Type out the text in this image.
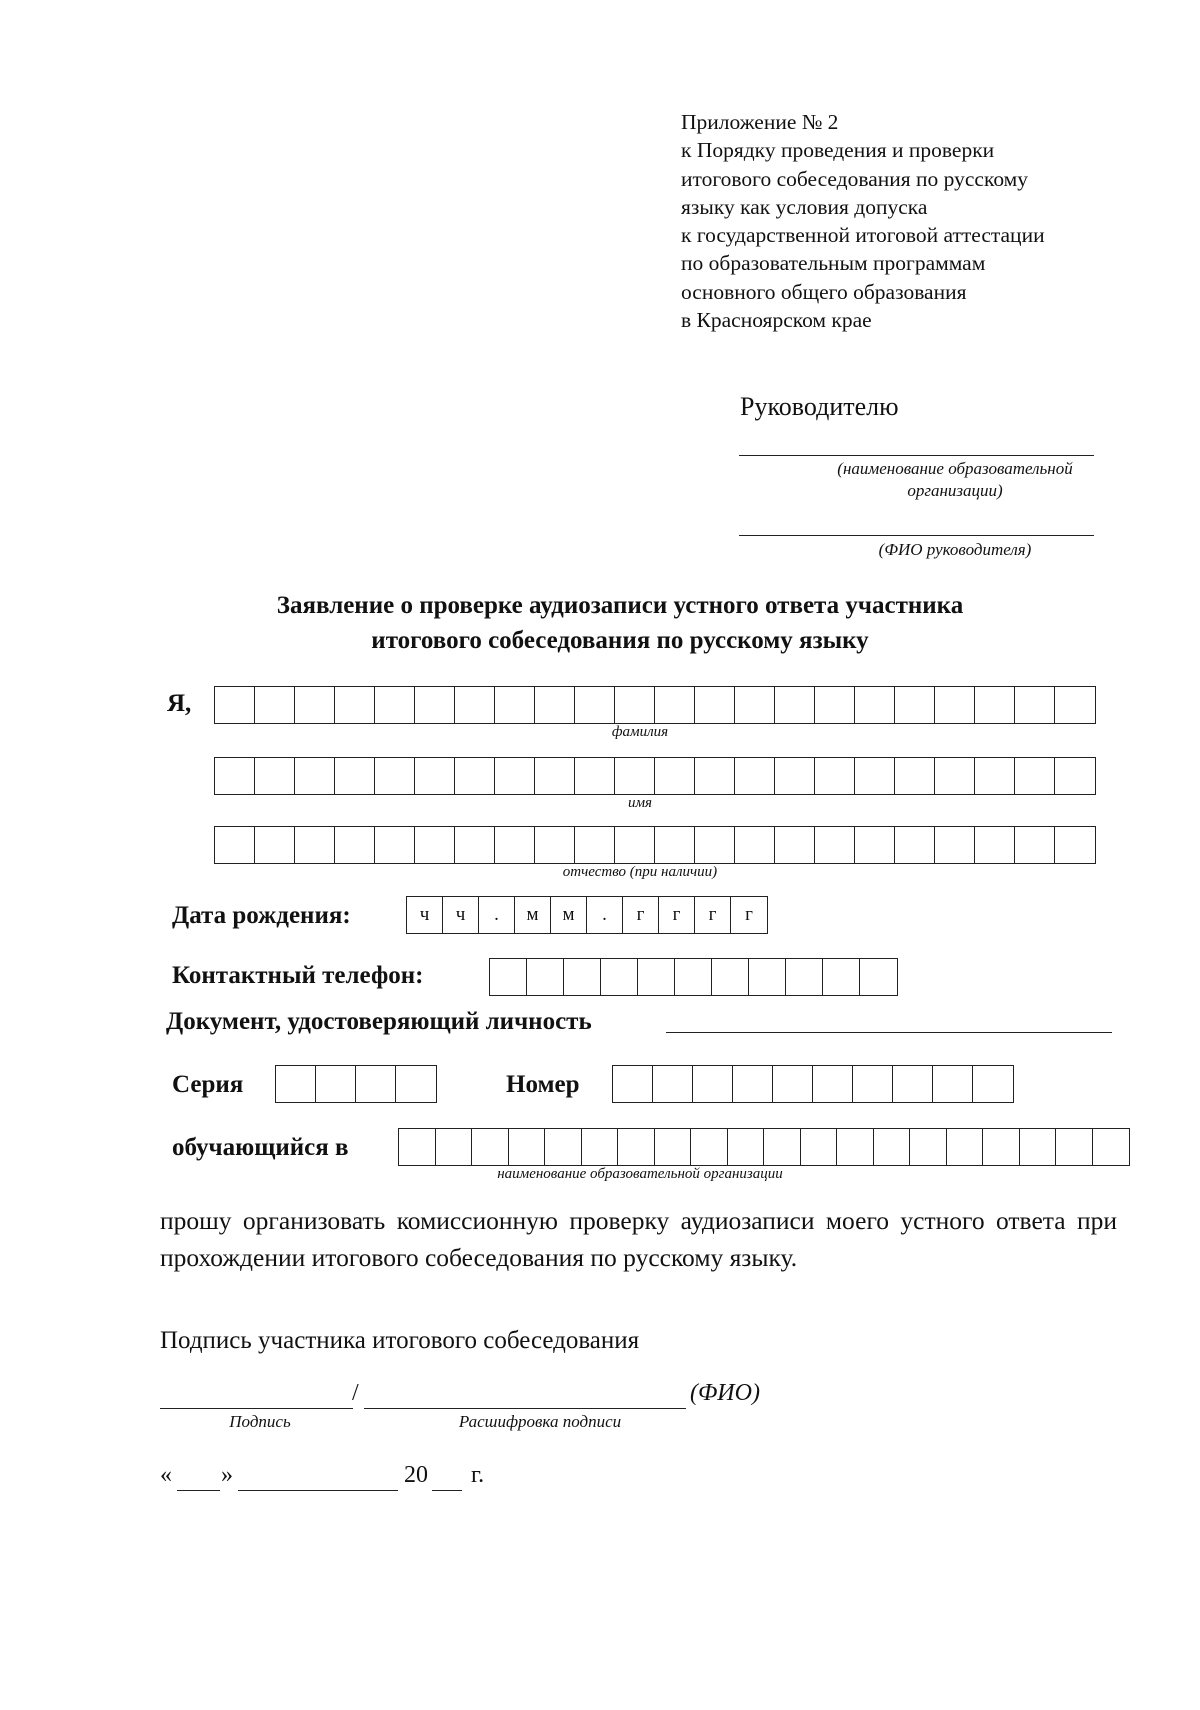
Приложение № 2
к Порядку проведения и проверки
итогового собеседования по русскому
языку как условия допуска
к государственной итоговой аттестации
по образовательным программам
основного общего образования
в Красноярском крае
Руководителю
(наименование образовательной организации)
(ФИО руководителя)
Заявление о проверке аудиозаписи устного ответа участника
итогового собеседования по русскому языку
Я,
фамилия
имя
отчество (при наличии)
Дата рождения:	ч	ч	.	м	м	.	г	г	г	г
Контактный телефон:
Документ, удостоверяющий личность
Серия	Номер
обучающийся в
наименование образовательной организации
прошу организовать комиссионную проверку аудиозаписи моего устного ответа при прохождении итогового собеседования по русскому языку.
Подпись участника итогового собеседования
/	(ФИО)
Подпись	Расшифровка подписи
« »	20 г.
